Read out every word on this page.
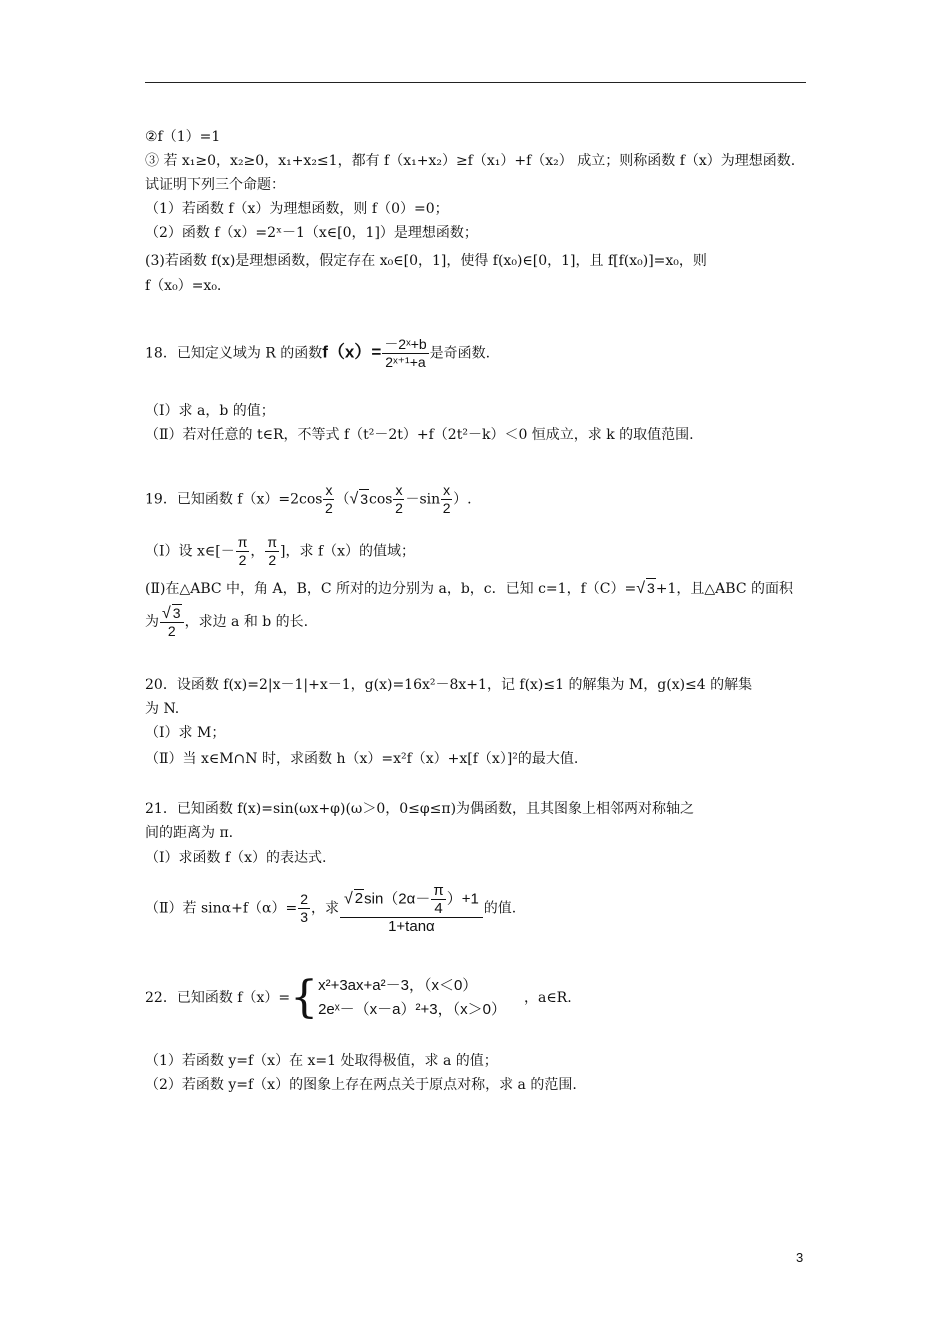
②f（1）=1
③ 若 x₁≥0，x₂≥0，x₁+x₂≤1，都有 f（x₁+x₂）≥f（x₁）+f（x₂） 成立；则称函数 f（x）为理想函数.
试证明下列三个命题：
（1）若函数 f（x）为理想函数，则 f（0）=0；
（2）函数 f（x）=2ˣ－1（x∈[0，1]）是理想函数；
(3)若函数 f(x)是理想函数，假定存在 x₀∈[0，1]，使得 f(x₀)∈[0，1]，且 f[f(x₀)]=x₀，则
f（x₀）=x₀.
18．已知定义域为 R 的函数$f(x)= \frac{\text{－2ˣ+b}}{\text{2ˣ⁺¹+a}}$ 是奇函数.
（Ⅰ）求 a，b 的值；
（Ⅱ）若对任意的 t∈R，不等式 f（t²－2t）+f（2t²－k）＜0 恒成立，求 k 的取值范围.
19．已知函数 $f(x)=2\cos \frac{x}{2}$ （√ $3\cos \frac{x}{2} -\sin \frac{x}{2}$ ）.
（Ⅰ）设 x∈[－ $\frac{\pi}{2}$ ， $\frac{\pi}{2}$ ]，求 f（x）的值域；
(Ⅱ)在△ABC 中，角 A，B，C 所对的边分别为 a，b，c．已知 c=1，f（C）=√ 3+1，且△ABC 的面积
为 $\frac{√ 3}{2}$ ，求边 a 和 b 的长.
20．设函数 f(x)=2|x－1|+x－1，g(x)=16x²－8x+1，记 f(x)≤1 的解集为 M，g(x)≤4 的解集
为 N.
（Ⅰ）求 M；
（Ⅱ）当 x∈M∩N 时，求函数 h（x）=x²f（x）+x[f（x）]²的最大值.
21．已知函数 f(x)=sin(ωx+φ)(ω＞0，0≤φ≤π)为偶函数，且其图象上相邻两对称轴之
间的距离为 π.
（Ⅰ）求函数 f（x）的表达式.
（Ⅱ）若 $\sin\alpha+f(\alpha)= \frac{2}{3}$ ，求 $\frac{√ 2\sin(2\alpha- \frac{\pi}{4} )+1}{1+\tan\alpha}$ 的值.
22．已知函数 f（x）={ x²+3ax+a²－3，（x＜0）
2eˣ－（x－a）²+3，（x＞0）
，a∈R.
（1）若函数 y=f（x）在 x=1 处取得极值，求 a 的值；
（2）若函数 y=f（x）的图象上存在两点关于原点对称，求 a 的范围.
3
